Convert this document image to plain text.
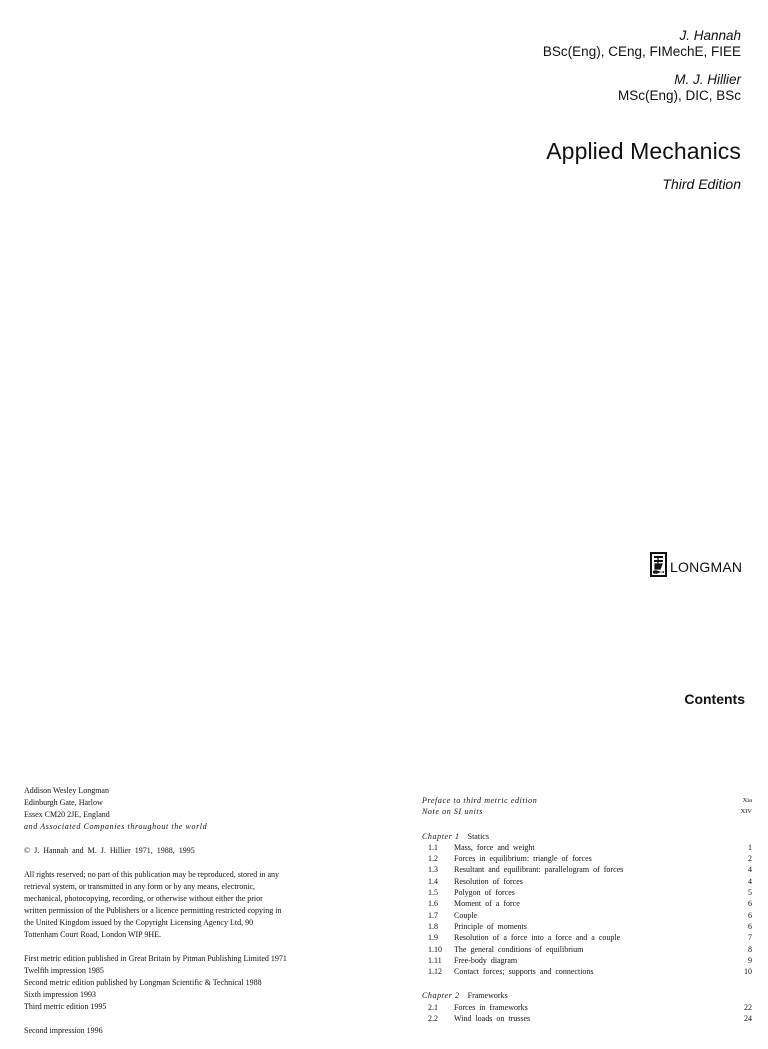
J. Hannah
BSc(Eng), CEng, FIMechE, FIEE
M. J. Hillier
MSc(Eng), DIC, BSc
Applied Mechanics
Third Edition
LONGMAN
Contents

Addison Wesley Longman
Edinburgh Gate, Harlow
Essex CM20 2JE, England
and Associated Companies throughout the world

© J. Hannah and M. J. Hillier 1971, 1988, 1995

All rights reserved; no part of this publication may be reproduced, stored in any
retrieval system, or transmitted in any form or by any means, electronic,
mechanical, photocopying, recording, or otherwise without either the prior
written permission of the Publishers or a licence permitting restricted copying in
the United Kingdom issued by the Copyright Licensing Agency Ltd, 90
Tottenham Court Road, London WIP 9HE.

First metric edition published in Great Britain by Pitman Publishing Limited 1971
Twelfth impression 1985
Second metric edition published by Longman Scientific & Technical 1988
Sixth impression 1993
Third metric edition 1995

Second impression 1996

Preface to third metric edition	Xia
Note on SI units	XIV
Chapter 1 Statics
1.1 Mass, force and weight	1
1.2 Forces in equilibrium: triangle of forces	2
1.3 Resultant and equilibrant: parallelogram of forces	4
1.4 Resolution of forces	4
1.5 Polygon of forces	5
1.6 Moment of a force	6
1.7 Couple	6
1.8 Principle of moments	6
1.9 Resolution of a force into a force and a couple	7
1.10 The general conditions of equilibrium	8
1.11 Free-body diagram	9
1.12 Contact forces; supports and connections	10
Chapter 2 Frameworks
2.1 Forces in frameworks	22
2.2 Wind loads on trusses	24
